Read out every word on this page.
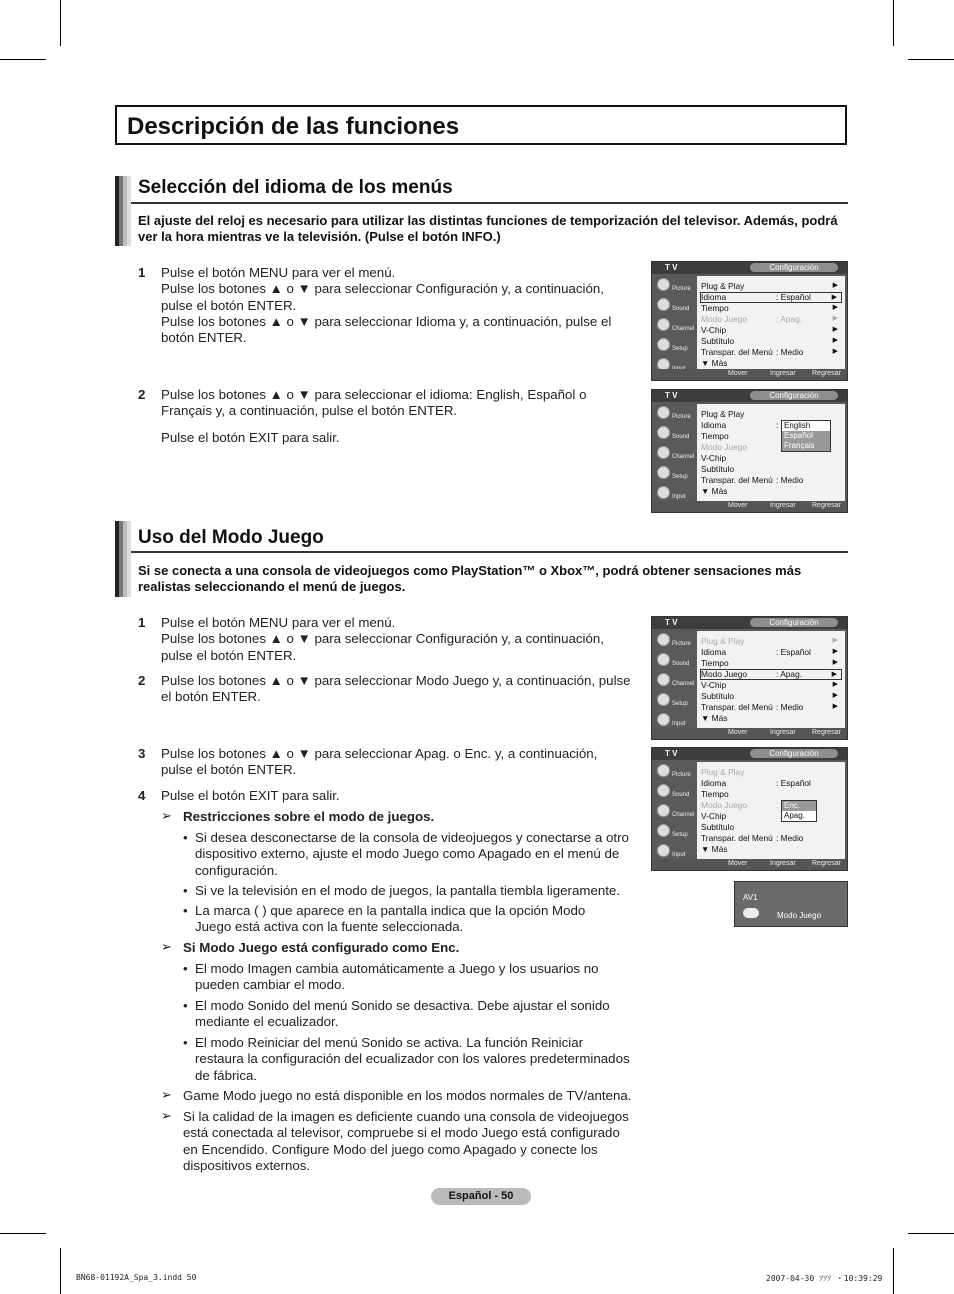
Descripción de las funciones
Selección del idioma de los menús
El ajuste del reloj es necesario para utilizar las distintas funciones de temporización del televisor. Además, podrá ver la hora mientras ve la televisión. (Pulse el botón INFO.)
1 Pulse el botón MENU para ver el menú.
Pulse los botones ▲ o ▼ para seleccionar Configuración y, a continuación,
pulse el botón ENTER.
Pulse los botones ▲ o ▼ para seleccionar Idioma y, a continuación, pulse el
botón ENTER.
2 Pulse los botones ▲ o ▼ para seleccionar el idioma: English, Español o
Français y, a continuación, pulse el botón ENTER.
Pulse el botón EXIT para salir.
T V	Configuración
Picture
Sound
Channel
Setup
Plug & Play	▶
Idioma	: Español	▶
Tiempo	▶
Modo Juego	: Apag.	▶
V-Chip	▶
Subtítulo	▶
Transpar. del Menú : Medio	▶
▼ Más
Mover	Ingresar Regresar
T V	Configuración
Picture
Sound
Channel
Setup
Input
Plug & Play
Idioma	:
Tiempo
Modo Juego
V-Chip
Subtítulo
Transpar. del Menú : Medio
▼ Más
English
Español
Français
Mover	Ingresar Regresar
Uso del Modo Juego
Si se conecta a una consola de videojuegos como PlayStation™ o Xbox™, podrá obtener sensaciones más realistas seleccionando el menú de juegos.
1 Pulse el botón MENU para ver el menú.
Pulse los botones ▲ o ▼ para seleccionar Configuración y, a continuación,
pulse el botón ENTER.
2 Pulse los botones ▲ o ▼ para seleccionar Modo Juego y, a continuación, pulse
el botón ENTER.
3 Pulse los botones ▲ o ▼ para seleccionar Apag. o Enc. y, a continuación,
pulse el botón ENTER.
4 Pulse el botón EXIT para salir.
➢ Restricciones sobre el modo de juegos.
• Si desea desconectarse de la consola de videojuegos y conectarse a otro
dispositivo externo, ajuste el modo Juego como Apagado en el menú de
configuración.
• Si ve la televisión en el modo de juegos, la pantalla tiembla ligeramente.
• La marca ( ) que aparece en la pantalla indica que la opción Modo
Juego está activa con la fuente seleccionada.
➢ Si Modo Juego está configurado como Enc.
• El modo Imagen cambia automáticamente a Juego y los usuarios no
pueden cambiar el modo.
• El modo Sonido del menú Sonido se desactiva. Debe ajustar el sonido
mediante el ecualizador.
• El modo Reiniciar del menú Sonido se activa. La función Reiniciar
restaura la configuración del ecualizador con los valores predeterminados
de fábrica.
➢ Game Modo juego no está disponible en los modos normales de TV/antena.
➢ Si la calidad de la imagen es deficiente cuando una consola de videojuegos
está conectada al televisor, compruebe si el modo Juego está configurado
en Encendido. Configure Modo del juego como Apagado y conecte los
dispositivos externos.
T V	Configuración
Picture
Sound
Channel
Setup
Input
Plug & Play	▶
Idioma	: Español	▶
Tiempo	▶
Modo Juego	: Apag.	▶
V-Chip	▶
Subtítulo	▶
Transpar. del Menú : Medio	▶
▼ Más
Mover	Ingresar Regresar
T V	Configuración
Picture
Sound
Channel
Setup
Input
Plug & Play
Idioma	: Español
Tiempo
Modo Juego	:
V-Chip
Subtítulo
Transpar. del Menú : Medio
▼ Más
Enc.
Apag.
Mover	Ingresar Regresar
AV1
Modo Juego
Español - 50
BN68-01192A_Spa_3.indd 50	2007-04-30 ｿｿｿ ・10:39:29
